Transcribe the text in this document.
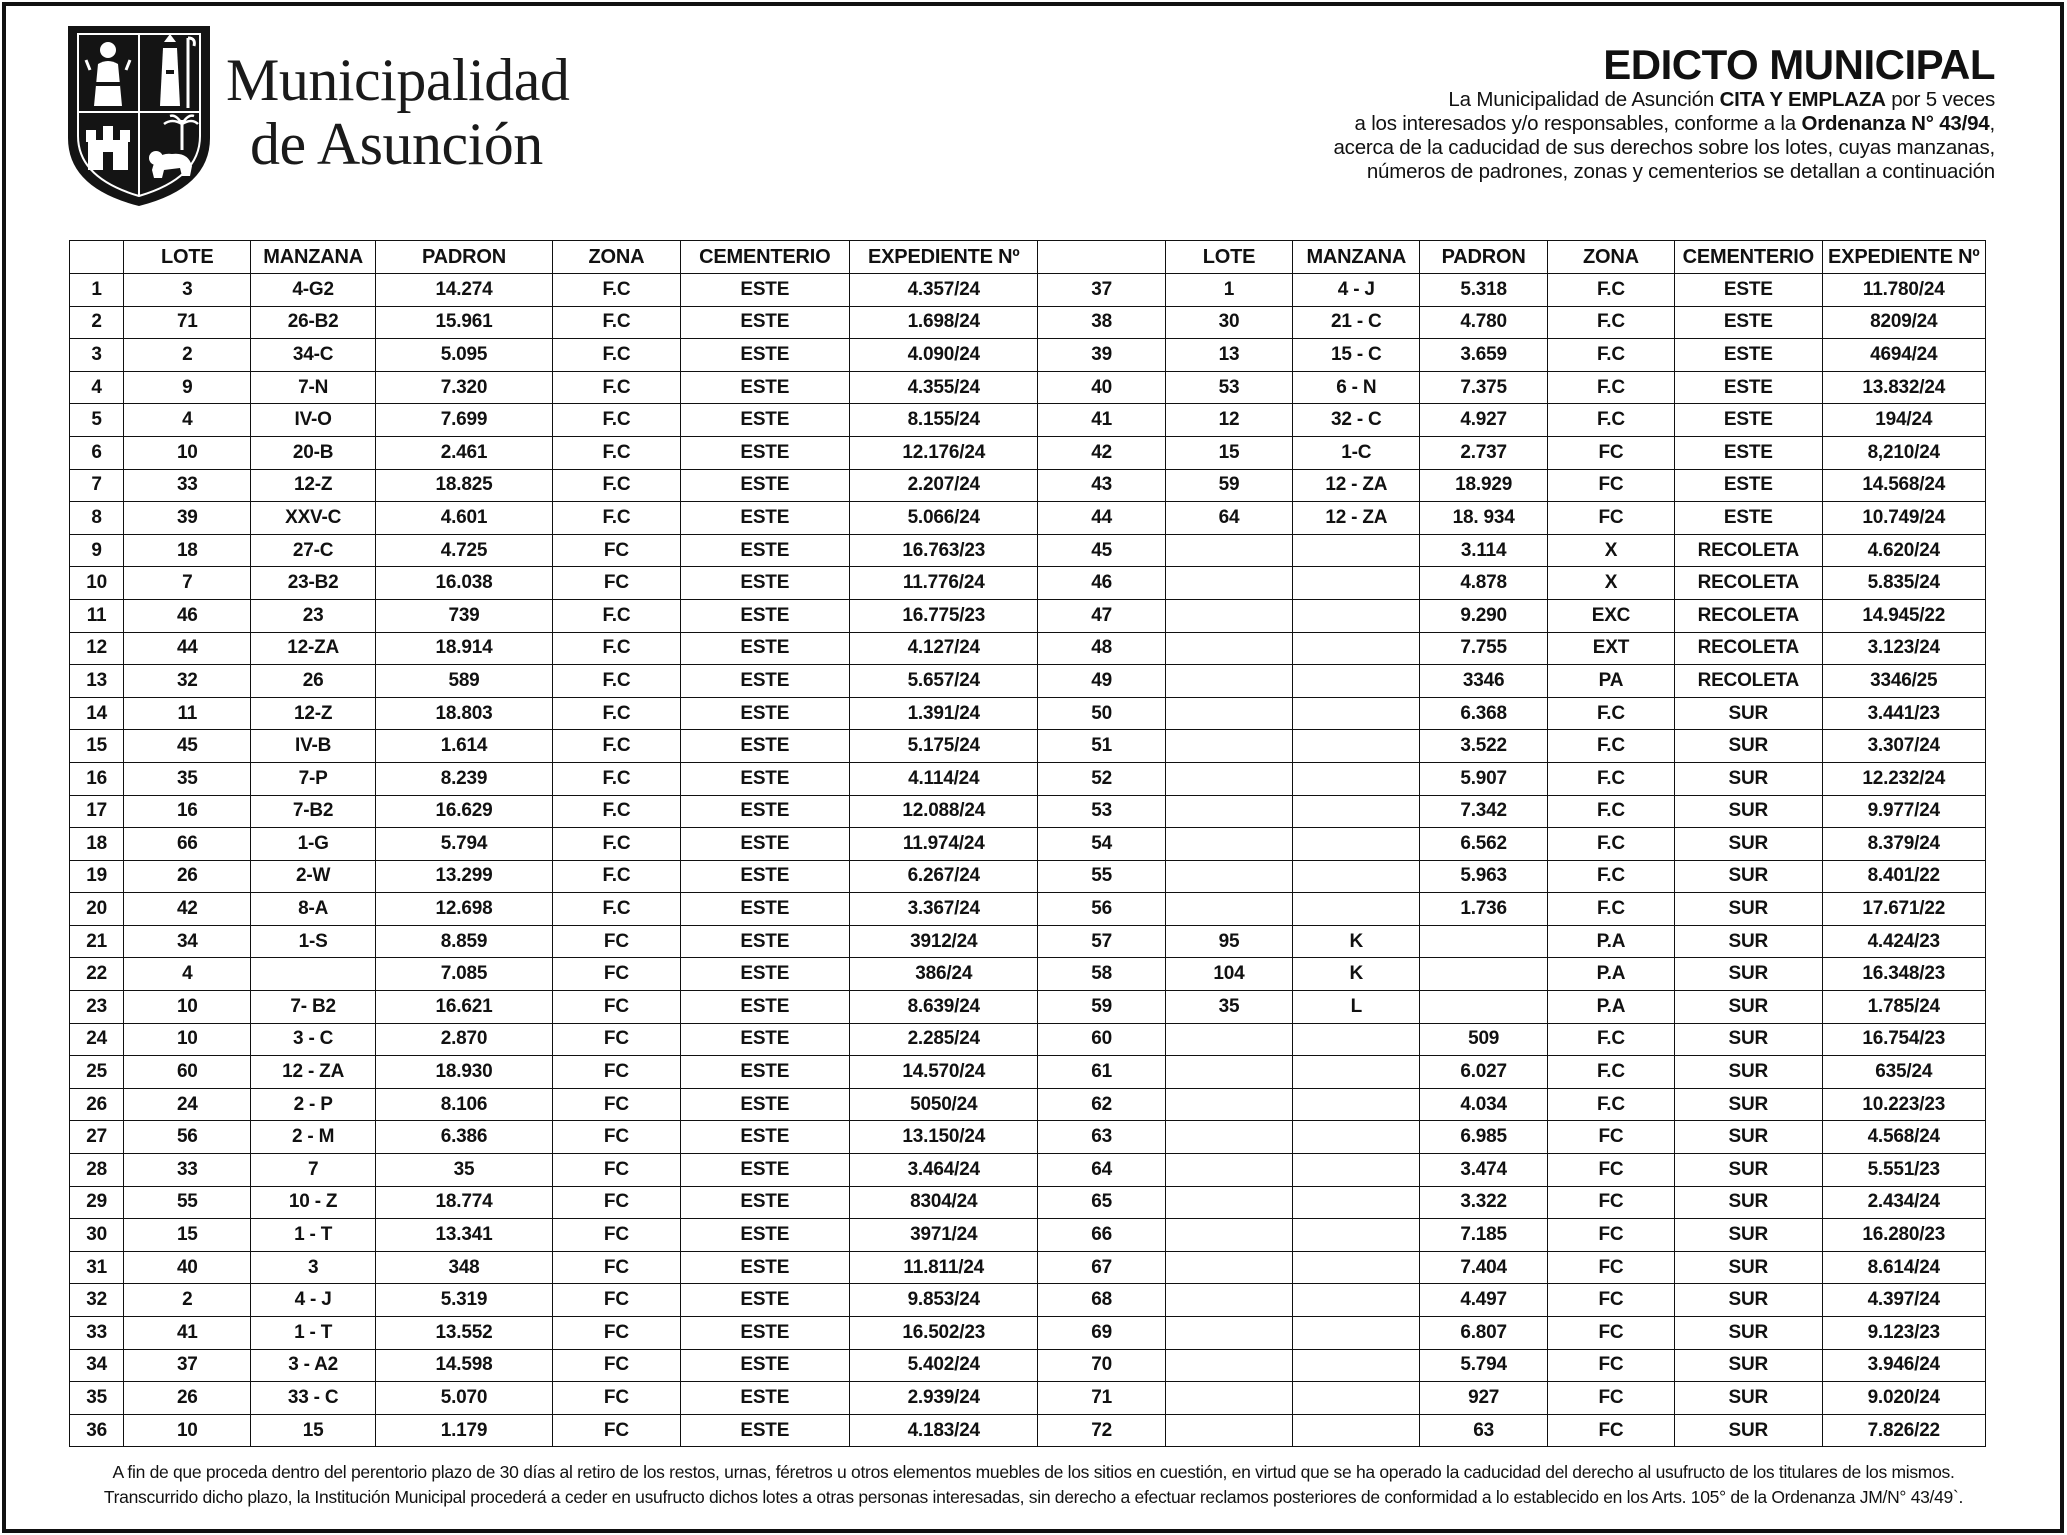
Municipalidad
de Asunción
EDICTO MUNICIPAL
La Municipalidad de Asunción CITA Y EMPLAZA por 5 veces
a los interesados y/o responsables, conforme a la Ordenanza N° 43/94,
acerca de la caducidad de sus derechos sobre los lotes, cuyas manzanas,
números de padrones, zonas y cementerios se detallan a continuación
	LOTE	MANZANA	PADRON	ZONA	CEMENTERIO	EXPEDIENTE Nº		LOTE	MANZANA	PADRON	ZONA	CEMENTERIO	EXPEDIENTE Nº
1	3	4-G2	14.274	F.C	ESTE	4.357/24	37	1	4 - J	5.318	F.C	ESTE	11.780/24
2	71	26-B2	15.961	F.C	ESTE	1.698/24	38	30	21 - C	4.780	F.C	ESTE	8209/24
3	2	34-C	5.095	F.C	ESTE	4.090/24	39	13	15 - C	3.659	F.C	ESTE	4694/24
4	9	7-N	7.320	F.C	ESTE	4.355/24	40	53	6 - N	7.375	F.C	ESTE	13.832/24
5	4	IV-O	7.699	F.C	ESTE	8.155/24	41	12	32 - C	4.927	F.C	ESTE	194/24
6	10	20-B	2.461	F.C	ESTE	12.176/24	42	15	1-C	2.737	FC	ESTE	8,210/24
7	33	12-Z	18.825	F.C	ESTE	2.207/24	43	59	12 - ZA	18.929	FC	ESTE	14.568/24
8	39	XXV-C	4.601	F.C	ESTE	5.066/24	44	64	12 - ZA	18. 934	FC	ESTE	10.749/24
9	18	27-C	4.725	FC	ESTE	16.763/23	45			3.114	X	RECOLETA	4.620/24
10	7	23-B2	16.038	FC	ESTE	11.776/24	46			4.878	X	RECOLETA	5.835/24
11	46	23	739	F.C	ESTE	16.775/23	47			9.290	EXC	RECOLETA	14.945/22
12	44	12-ZA	18.914	F.C	ESTE	4.127/24	48			7.755	EXT	RECOLETA	3.123/24
13	32	26	589	F.C	ESTE	5.657/24	49			3346	PA	RECOLETA	3346/25
14	11	12-Z	18.803	F.C	ESTE	1.391/24	50			6.368	F.C	SUR	3.441/23
15	45	IV-B	1.614	F.C	ESTE	5.175/24	51			3.522	F.C	SUR	3.307/24
16	35	7-P	8.239	F.C	ESTE	4.114/24	52			5.907	F.C	SUR	12.232/24
17	16	7-B2	16.629	F.C	ESTE	12.088/24	53			7.342	F.C	SUR	9.977/24
18	66	1-G	5.794	F.C	ESTE	11.974/24	54			6.562	F.C	SUR	8.379/24
19	26	2-W	13.299	F.C	ESTE	6.267/24	55			5.963	F.C	SUR	8.401/22
20	42	8-A	12.698	F.C	ESTE	3.367/24	56			1.736	F.C	SUR	17.671/22
21	34	1-S	8.859	FC	ESTE	3912/24	57	95	K		P.A	SUR	4.424/23
22	4		7.085	FC	ESTE	386/24	58	104	K		P.A	SUR	16.348/23
23	10	7- B2	16.621	FC	ESTE	8.639/24	59	35	L		P.A	SUR	1.785/24
24	10	3 - C	2.870	FC	ESTE	2.285/24	60			509	F.C	SUR	16.754/23
25	60	12 - ZA	18.930	FC	ESTE	14.570/24	61			6.027	F.C	SUR	635/24
26	24	2 - P	8.106	FC	ESTE	5050/24	62			4.034	F.C	SUR	10.223/23
27	56	2 - M	6.386	FC	ESTE	13.150/24	63			6.985	FC	SUR	4.568/24
28	33	7	35	FC	ESTE	3.464/24	64			3.474	FC	SUR	5.551/23
29	55	10 - Z	18.774	FC	ESTE	8304/24	65			3.322	FC	SUR	2.434/24
30	15	1 - T	13.341	FC	ESTE	3971/24	66			7.185	FC	SUR	16.280/23
31	40	3	348	FC	ESTE	11.811/24	67			7.404	FC	SUR	8.614/24
32	2	4 - J	5.319	FC	ESTE	9.853/24	68			4.497	FC	SUR	4.397/24
33	41	1 - T	13.552	FC	ESTE	16.502/23	69			6.807	FC	SUR	9.123/23
34	37	3 - A2	14.598	FC	ESTE	5.402/24	70			5.794	FC	SUR	3.946/24
35	26	33 - C	5.070	FC	ESTE	2.939/24	71			927	FC	SUR	9.020/24
36	10	15	1.179	FC	ESTE	4.183/24	72			63	FC	SUR	7.826/22
A fin de que proceda dentro del perentorio plazo de 30 días al retiro de los restos, urnas, féretros u otros elementos muebles de los sitios en cuestión, en virtud que se ha operado la caducidad del derecho al usufructo de los titulares de los mismos.
Transcurrido dicho plazo, la Institución Municipal procederá a ceder en usufructo dichos lotes a otras personas interesadas, sin derecho a efectuar reclamos posteriores de conformidad a lo establecido en los Arts. 105° de la Ordenanza JM/N° 43/49`.
